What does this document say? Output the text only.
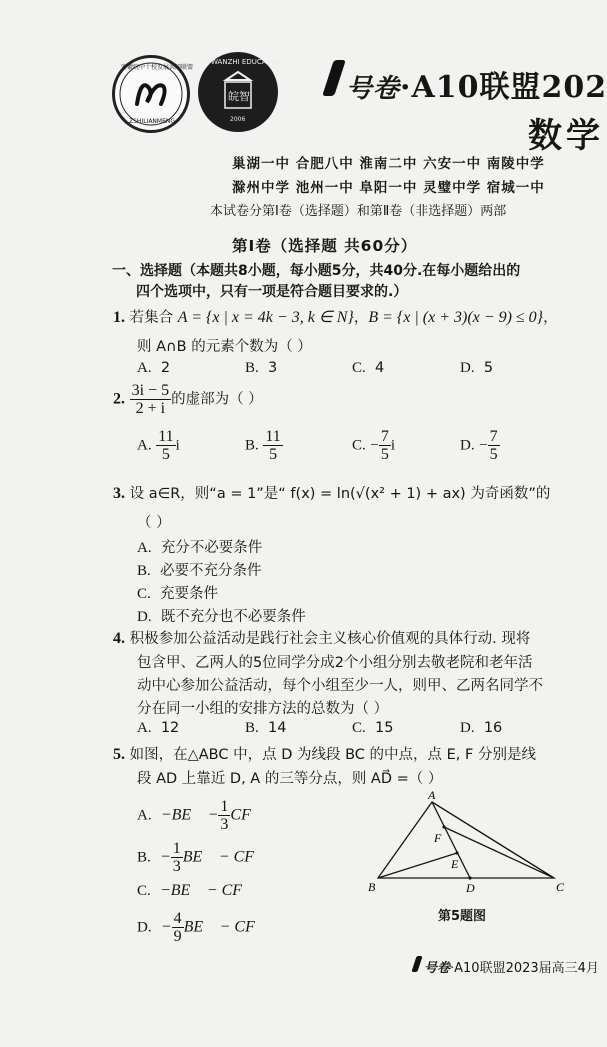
安徽皖中十校发展共同联盟
ZSHILIANMENG
WANZHI EDUCATION
皖智
2006
号卷·A10联盟202
数学
巢湖一中 合肥八中 淮南二中 六安一中 南陵中学
滁州中学 池州一中 阜阳一中 灵璧中学 宿城一中
本试卷分第Ⅰ卷（选择题）和第Ⅱ卷（非选择题）两部
第Ⅰ卷（选择题 共60分）
一、选择题（本题共8小题，每小题5分，共40分.在每小题给出的
四个选项中，只有一项是符合题目要求的.）
1. 若集合 A = {x | x = 4k − 3, k ∈ N}，B = {x | (x + 3)(x − 9) ≤ 0}，
则 A∩B 的元素个数为（ ）
A. 2	B. 3	C. 4	D. 5
2. $\frac{3i - 5}{2 + i}$ 的虚部为（ ）
A. $\frac{11}{5}$ i	B. $\frac{11}{5}$	C. − $\frac{7}{5}$ i	D. − $\frac{7}{5}$
3. 设 a∈R，则“a = 1”是“ f(x) = ln(√(x² + 1) + ax) 为奇函数”的
（ ）
A. 充分不必要条件
B. 必要不充分条件
C. 充要条件
D. 既不充分也不必要条件
4. 积极参加公益活动是践行社会主义核心价值观的具体行动. 现将
包含甲、乙两人的5位同学分成2个小组分别去敬老院和老年活
动中心参加公益活动，每个小组至少一人，则甲、乙两名同学不
分在同一小组的安排方法的总数为（ ）
A. 12	B. 14	C. 15	D. 16
5. 如图，在△ABC 中，点 D 为线段 BC 的中点，点 E, F 分别是线
段 AD 上靠近 D, A 的三等分点，则 AD⃗ =（ ）
A. −BE⃗ − $\frac{1}{3}$ CF⃗
B. − $\frac{1}{3}$ BE⃗ − CF⃗
C. −BE⃗ − CF⃗
D. − $\frac{4}{9}$ BE⃗ − CF⃗
A
B	C
D
E
F
第5题图
号卷·A10联盟2023届高三4月
